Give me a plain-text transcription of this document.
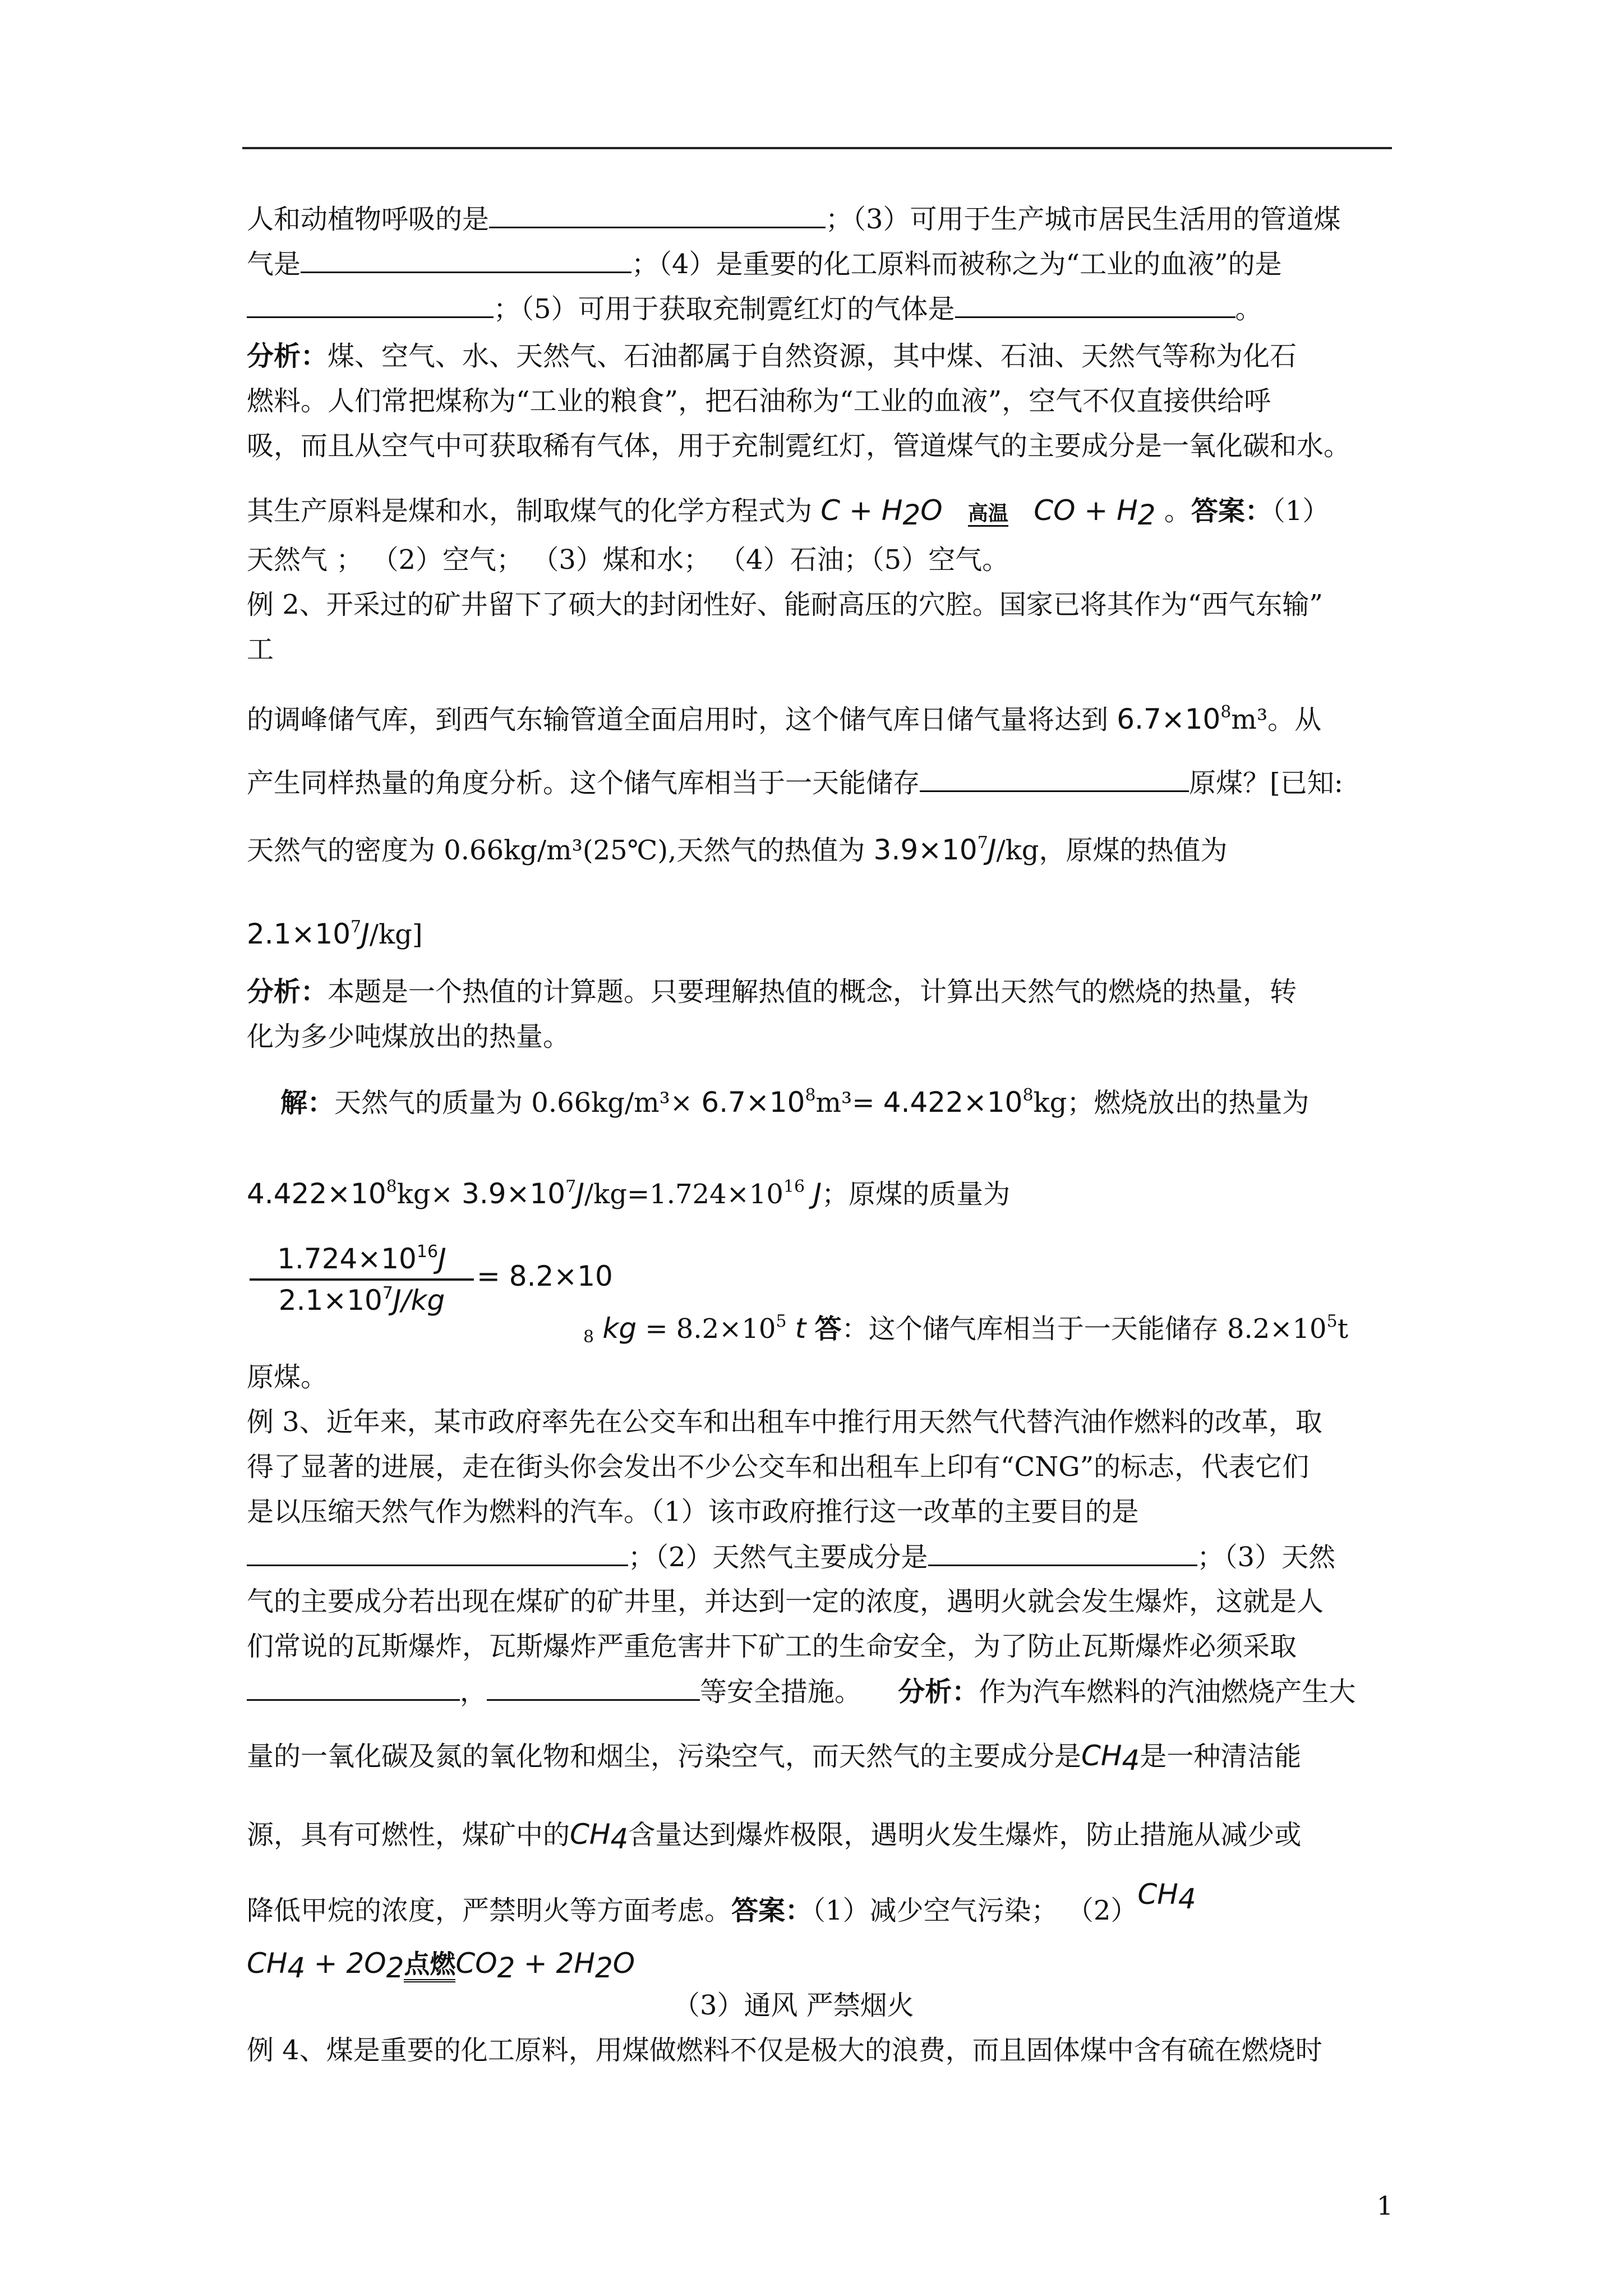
人和动植物呼吸的是	；（3）可用于生产城市居民生活用的管道煤
气是	；（4）是重要的化工原料而被称之为“工业的血液”的是
；（5）可用于获取充制霓红灯的气体是	。
分析：煤、空气、水、天然气、石油都属于自然资源，其中煤、石油、天然气等称为化石
燃料。人们常把煤称为“工业的粮食”，把石油称为“工业的血液”，空气不仅直接供给呼
吸，而且从空气中可获取稀有气体，用于充制霓红灯，管道煤气的主要成分是一氧化碳和水。
其生产原料是煤和水，制取煤气的化学方程式为 $C + H_2O$ 高温 CO + $H_2$ 。答案：（1）
天然气 ； （2）空气； （3）煤和水； （4）石油；（5）空气。
例 2、开采过的矿井留下了硕大的封闭性好、能耐高压的穴腔。国家已将其作为“西气东输”
工
的调峰储气库，到西气东输管道全面启用时，这个储气库日储气量将达到 $6.7\times 10^8m^3$。从
产生同样热量的角度分析。这个储气库相当于一天能储存	原煤？[已知:
天然气的密度为 0.66kg/m³(25℃),天然气的热值为 $3.9\times 10^7J/kg$，原煤的热值为
$2.1\times 10^7J/kg$]
分析：本题是一个热值的计算题。只要理解热值的概念，计算出天然气的燃烧的热量，转
化为多少吨煤放出的热量。
解：天然气的质量为 $0.66kg/m^3\times 6.7\times 10^8m^3= 4.422\times 10^8kg$；燃烧放出的热量为
$4.422\times 10^8kg\times 3.9\times 10^7J/kg=1.724\times 10^{16}$ J；原煤的质量为
$1.724\times 10^{16}J$
$2.1\times 10^7J/kg$
= 8.2×10
$_8$ kg = $8.2\times 10^5$ t 答：这个储气库相当于一天能储存 $8.2\times 10^5t$
原煤。
例 3、近年来，某市政府率先在公交车和出租车中推行用天然气代替汽油作燃料的改革，取
得了显著的进展，走在街头你会发出不少公交车和出租车上印有“CNG”的标志，代表它们
是以压缩天然气作为燃料的汽车。（1）该市政府推行这一改革的主要目的是
；（2）天然气主要成分是	；（3）天然
气的主要成分若出现在煤矿的矿井里，并达到一定的浓度，遇明火就会发生爆炸，这就是人
们常说的瓦斯爆炸，瓦斯爆炸严重危害井下矿工的生命安全，为了防止瓦斯爆炸必须采取
，	等安全措施。 分析：作为汽车燃料的汽油燃烧产生大
量的一氧化碳及氮的氧化物和烟尘，污染空气，而天然气的主要成分是$CH_4$是一种清洁能
源，具有可燃性，煤矿中的$CH_4$含量达到爆炸极限，遇明火发生爆炸，防止措施从减少或
降低甲烷的浓度，严禁明火等方面考虑。答案：（1）减少空气污染； $(2)CH_4$
$CH_4 + 2O_2$点燃$CO_2 + 2H_2O$
（3）通风 严禁烟火
例 4、煤是重要的化工原料，用煤做燃料不仅是极大的浪费，而且固体煤中含有硫在燃烧时
1
